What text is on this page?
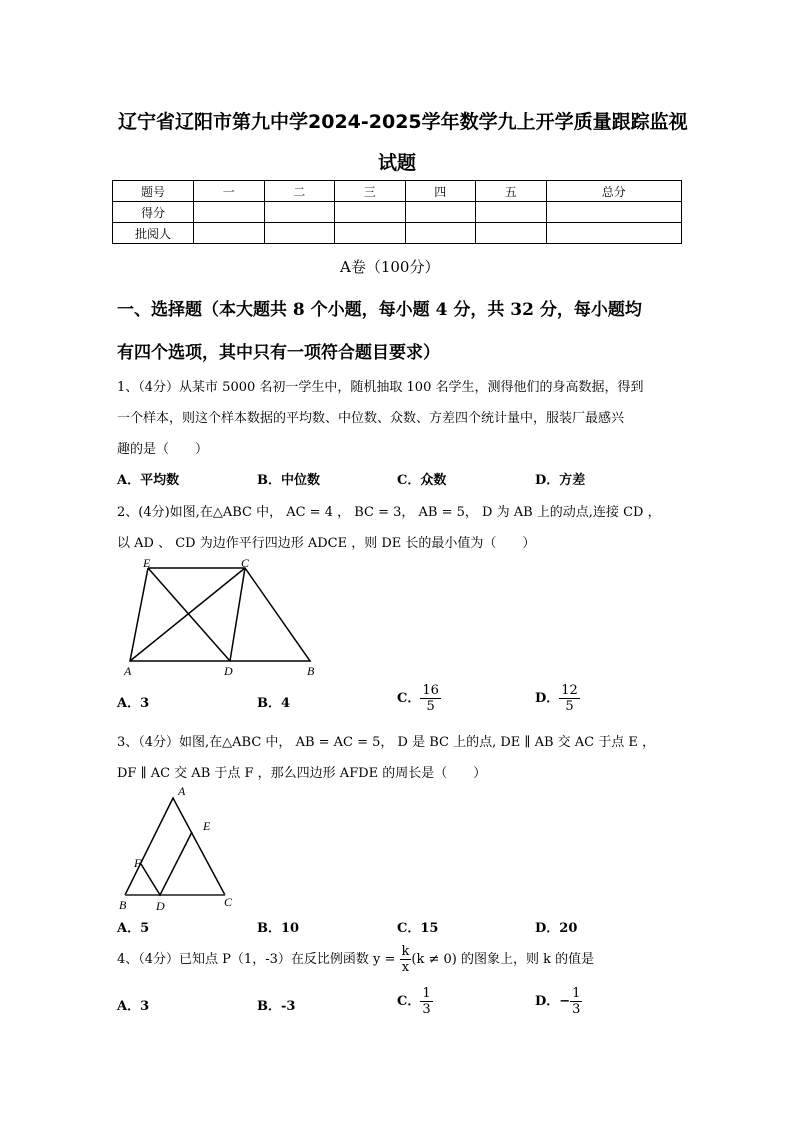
辽宁省辽阳市第九中学2024-2025学年数学九上开学质量跟踪监视
试题
题号	一	二	三	四	五	总分
得分						
批阅人						
A卷（100分）
一、选择题（本大题共 8 个小题，每小题 4 分，共 32 分，每小题均
有四个选项，其中只有一项符合题目要求）
1、（4分）从某市 5000 名初一学生中，随机抽取 100 名学生，测得他们的身高数据，得到
一个样本，则这个样本数据的平均数、中位数、众数、方差四个统计量中，服装厂最感兴
趣的是（　　）
A．平均数	B．中位数	C．众数	D．方差
2、(4分)如图,在△ABC 中， AC = 4 ， BC = 3， AB = 5， D 为 AB 上的动点,连接 CD ，
以 AD 、 CD 为边作平行四边形 ADCE ，则 DE 长的最小值为（　　）
E	C
A	D	B
A．3	B．4	C． $\frac{16}{5}$	D． $\frac{12}{5}$
3、（4分）如图,在△ABC 中， AB = AC = 5， D 是 BC 上的点, DE ∥ AB 交 AC 于点 E ，
DF ∥ AC 交 AB 于点 F ，那么四边形 AFDE 的周长是（　　）
A
E
F
B D	C
A．5	B．10	C．15	D．20
4、（4分）已知点 P（1，-3）在反比例函数 $y = \frac{k}{x} (k \ne 0)$ 的图象上，则 k 的值是
A．3	B．-3	C． $\frac{1}{3}$	D．− $\frac{1}{3}$
